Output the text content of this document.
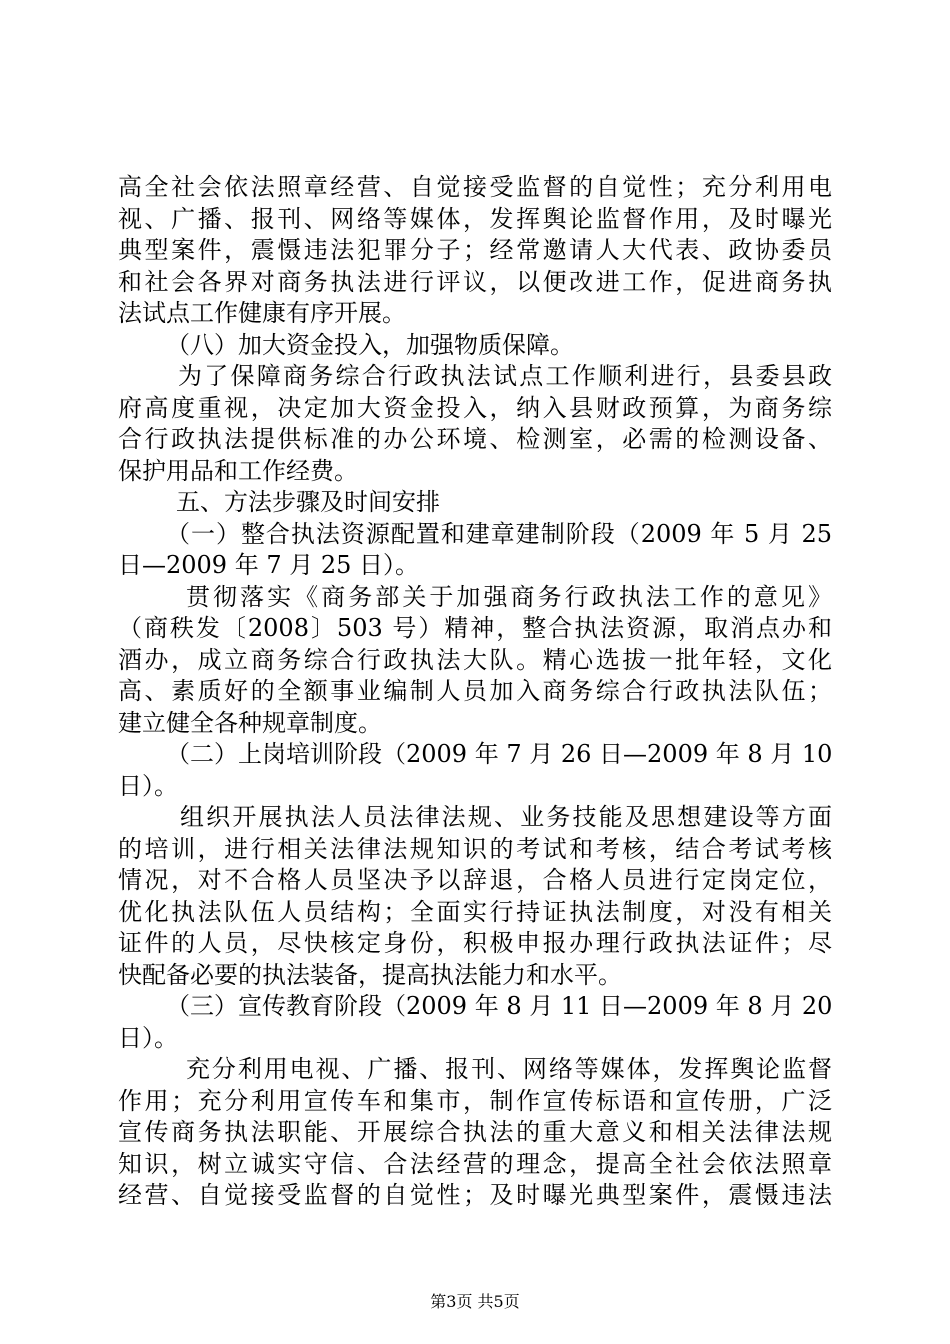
高全社会依法照章经营、自觉接受监督的自觉性；充分利用电
视、广播、报刊、网络等媒体，发挥舆论监督作用，及时曝光
典型案件，震慑违法犯罪分子；经常邀请人大代表、政协委员
和社会各界对商务执法进行评议，以便改进工作，促进商务执
法试点工作健康有序开展。
（八）加大资金投入，加强物质保障。
为了保障商务综合行政执法试点工作顺利进行，县委县政
府高度重视，决定加大资金投入，纳入县财政预算，为商务综
合行政执法提供标准的办公环境、检测室，必需的检测设备、
保护用品和工作经费。
五、方法步骤及时间安排
（一）整合执法资源配置和建章建制阶段（2009 年 5 月 25
日—2009 年 7 月 25 日）。
贯彻落实《商务部关于加强商务行政执法工作的意见》
（商秩发〔2008〕503 号）精神，整合执法资源，取消点办和
酒办，成立商务综合行政执法大队。精心选拔一批年轻，文化
高、素质好的全额事业编制人员加入商务综合行政执法队伍；
建立健全各种规章制度。
（二）上岗培训阶段（2009 年 7 月 26 日—2009 年 8 月 10
日）。
组织开展执法人员法律法规、业务技能及思想建设等方面
的培训，进行相关法律法规知识的考试和考核，结合考试考核
情况，对不合格人员坚决予以辞退，合格人员进行定岗定位，
优化执法队伍人员结构；全面实行持证执法制度，对没有相关
证件的人员，尽快核定身份，积极申报办理行政执法证件；尽
快配备必要的执法装备，提高执法能力和水平。
（三）宣传教育阶段（2009 年 8 月 11 日—2009 年 8 月 20
日）。
充分利用电视、广播、报刊、网络等媒体，发挥舆论监督
作用；充分利用宣传车和集市，制作宣传标语和宣传册，广泛
宣传商务执法职能、开展综合执法的重大意义和相关法律法规
知识，树立诚实守信、合法经营的理念，提高全社会依法照章
经营、自觉接受监督的自觉性；及时曝光典型案件，震慑违法
第3页 共5页
